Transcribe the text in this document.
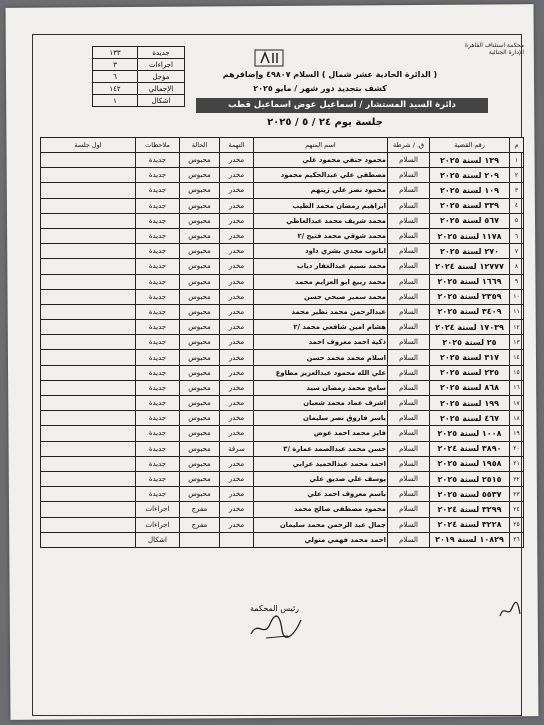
محكمة استئناف القاهرة
الإدارة الجنائية
جديدة	١٣٣
اجراءات	٣
مؤجل	٦
الإجمالي	١٤٢
اشكال	١
( الدائرة الحادية عشر شمال ) السلام ٤٩٨٠٧ وإضافرهم
كشف بتجديد دور شهر / مايو ٢٠٢٥
دائرة السيد المستشار / اسماعيل عوض اسماعيل قطب
جلسة يوم ٢٤ / ٥ / ٢٠٢٥
م	رقم القضية	ق. / شرطة	اسم المتهم	التهمة	الحالة	ملاحظات	اول جلسة
١	١٣٩ لسنة ٢٠٢٥	السلام	محمود حنفي محمود علي	مخدر	محبوس	جديدة	
٢	٢٠٩ لسنة ٢٠٢٥	السلام	مصطفى علي عبدالحكيم محمود	مخدر	محبوس	جديدة	
٣	١٠٩ لسنة ٢٠٢٥	السلام	محمود نصر علي زينهم	مخدر	محبوس	جديدة	
٤	٣٣٩ لسنة ٢٠٢٥	السلام	ابراهيم رمضان محمد الطيب	مخدر	محبوس	جديدة	
٥	٥٦٧ لسنة ٢٠٢٥	السلام	محمد شريف محمد عبدالعاطي	مخدر	محبوس	جديدة	
٦	١١٧٨ لسنة ٢٠٢٥	السلام	محمد شوقي محمد فتيح /٢	مخدر	محبوس	جديدة	
٧	٢٧٠ لسنة ٢٠٢٥	السلام	ابانوب مجدي بشري داود	مخدر	محبوس	جديدة	
٨	١٢٧٧٧ لسنة ٢٠٢٤	السلام	محمد نسيم عبدالغفار دياب	مخدر	محبوس	جديدة	
٩	١٦٦٩ لسنة ٢٠٢٥	السلام	محمد ربيع ابو العزايم محمد	مخدر	محبوس	جديدة	
١٠	٢٣٥٩ لسنة ٢٠٢٥	السلام	محمد سمير صبحي حسن	مخدر	محبوس	جديدة	
١١	٣٤٠٩ لسنة ٢٠٢٥	السلام	عبدالرحمن محمد نظير محمد	مخدر	محبوس	جديدة	
١٢	١٧٠٣٩ لسنة ٢٠٢٤	السلام	هشام امين شافعي محمد /٢	مخدر	محبوس	جديدة	
١٣	٢٥ لسنة ٢٠٢٥	السلام	ذكية احمد معروف احمد	مخدر	محبوس	جديدة	
١٤	٣١٧ لسنة ٢٠٢٥	السلام	اسلام محمد محمد حسن	مخدر	محبوس	جديدة	
١٥	٢٣٥ لسنة ٢٠٢٥	السلام	علي الله محمود عبدالعزيز مطاوع	مخدر	محبوس	جديدة	
١٦	٨٦٨ لسنة ٢٠٢٥	السلام	سامح محمد رمضان سيد	مخدر	محبوس	جديدة	
١٧	١٩٩ لسنة ٢٠٢٥	السلام	اشرف عماد محمد شعبان	مخدر	محبوس	جديدة	
١٨	٤٦٧ لسنة ٢٠٢٥	السلام	ياسر فاروق نصر سليمان	مخدر	محبوس	جديدة	
١٩	١٠٠٨ لسنة ٢٠٢٥	السلام	فايز محمد احمد عوض	مخدر	محبوس	جديدة	
٢٠	٣٨٩٠ لسنة ٢٠٢٤	السلام	حسن محمد عبدالصمد عمارة /٣	سرقة	محبوس	جديدة	
٢١	١٩٥٨ لسنة ٢٠٢٥	السلام	احمد محمد عبدالحميد عرابي	مخدر	محبوس	جديدة	
٢٢	٢٥١٥ لسنة ٢٠٢٥	السلام	يوسف علي صديق علي	مخدر	محبوس	جديدة	
٢٣	٥٥٣٧ لسنة ٢٠٢٥	السلام	باسم معروف احمد علي	مخدر	محبوس	جديدة	
٢٤	٣٢٩٩ لسنة ٢٠٢٤	السلام	محمود مصطفى صالح محمد	مخدر	مفرج	اجراءات	
٢٥	٣٢٢٨ لسنة ٢٠٢٤	السلام	جمال عبد الرحمن محمد سليمان	مخدر	مفرج	اجراءات	
٢٦	١٠٨٢٩ لسنة ٢٠١٩	السلام	احمد محمد فهمي متولي			اشكال	
رئيس المحكمة
